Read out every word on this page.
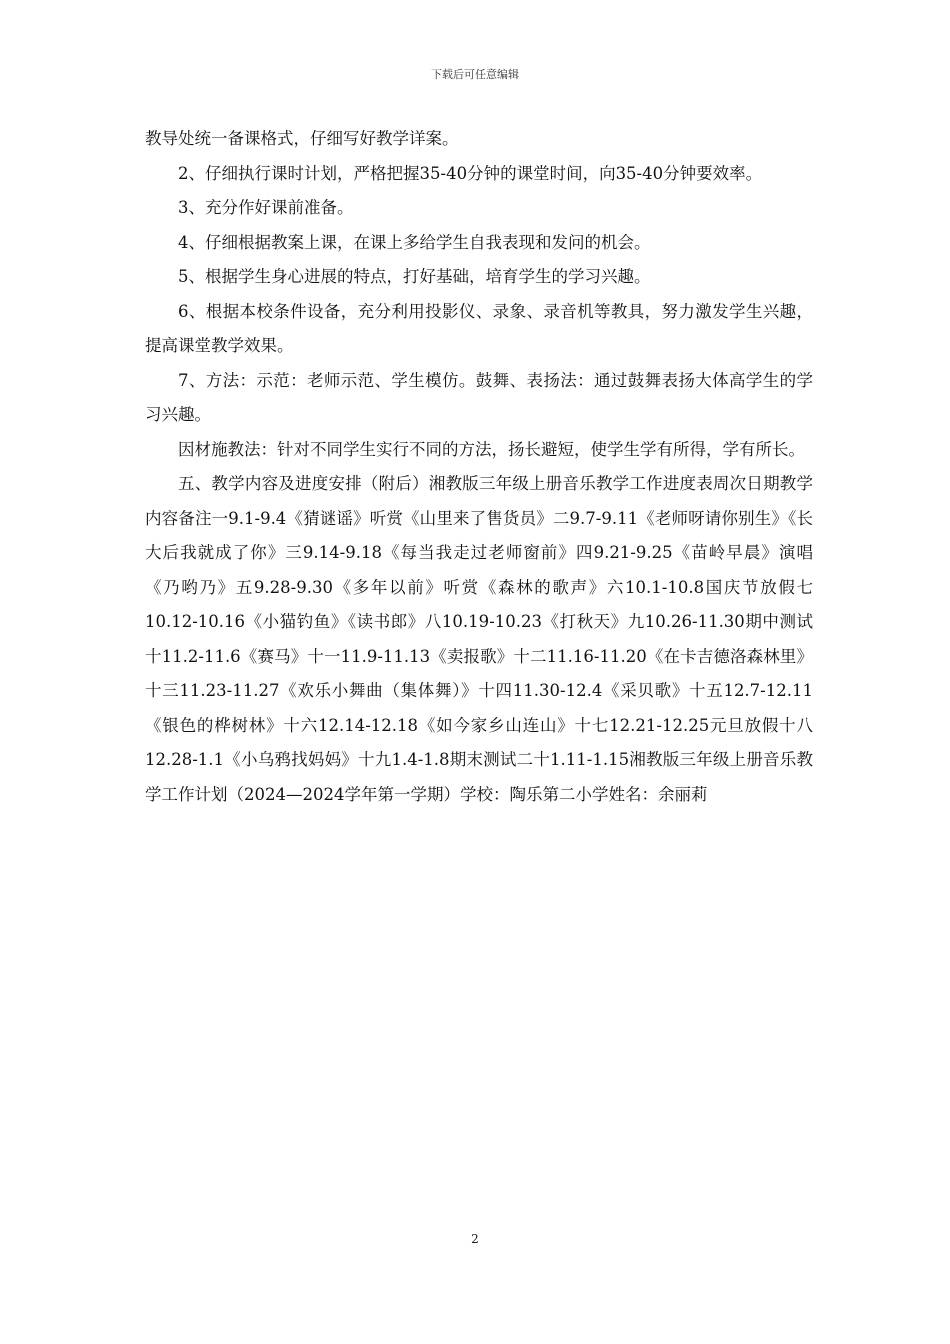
下载后可任意编辑

教导处统一备课格式，仔细写好教学详案。

2、仔细执行课时计划，严格把握35-40分钟的课堂时间，向35-40分钟要效率。

3、充分作好课前准备。

4、仔细根据教案上课，在课上多给学生自我表现和发问的机会。

5、根据学生身心进展的特点，打好基础，培育学生的学习兴趣。

6、根据本校条件设备，充分利用投影仪、录象、录音机等教具，努力激发学生兴趣，提高课堂教学效果。

7、方法：示范：老师示范、学生模仿。鼓舞、表扬法：通过鼓舞表扬大体高学生的学习兴趣。

因材施教法：针对不同学生实行不同的方法，扬长避短，使学生学有所得，学有所长。

五、教学内容及进度安排（附后）湘教版三年级上册音乐教学工作进度表周次日期教学内容备注一9.1-9.4《猜谜谣》听赏《山里来了售货员》二9.7-9.11《老师呀请你别生》《长大后我就成了你》三9.14-9.18《每当我走过老师窗前》四9.21-9.25《苗岭早晨》演唱《乃哟乃》五9.28-9.30《多年以前》听赏《森林的歌声》六10.1-10.8国庆节放假七10.12-10.16《小猫钓鱼》《读书郎》八10.19-10.23《打秋天》九10.26-11.30期中测试十11.2-11.6《赛马》十一11.9-11.13《卖报歌》十二11.16-11.20《在卡吉德洛森林里》十三11.23-11.27《欢乐小舞曲（集体舞）》十四11.30-12.4《采贝歌》十五12.7-12.11《银色的桦树林》十六12.14-12.18《如今家乡山连山》十七12.21-12.25元旦放假十八12.28-1.1《小乌鸦找妈妈》十九1.4-1.8期末测试二十1.11-1.15湘教版三年级上册音乐教学工作计划（2024—2024学年第一学期）学校：陶乐第二小学姓名：余丽莉

2
